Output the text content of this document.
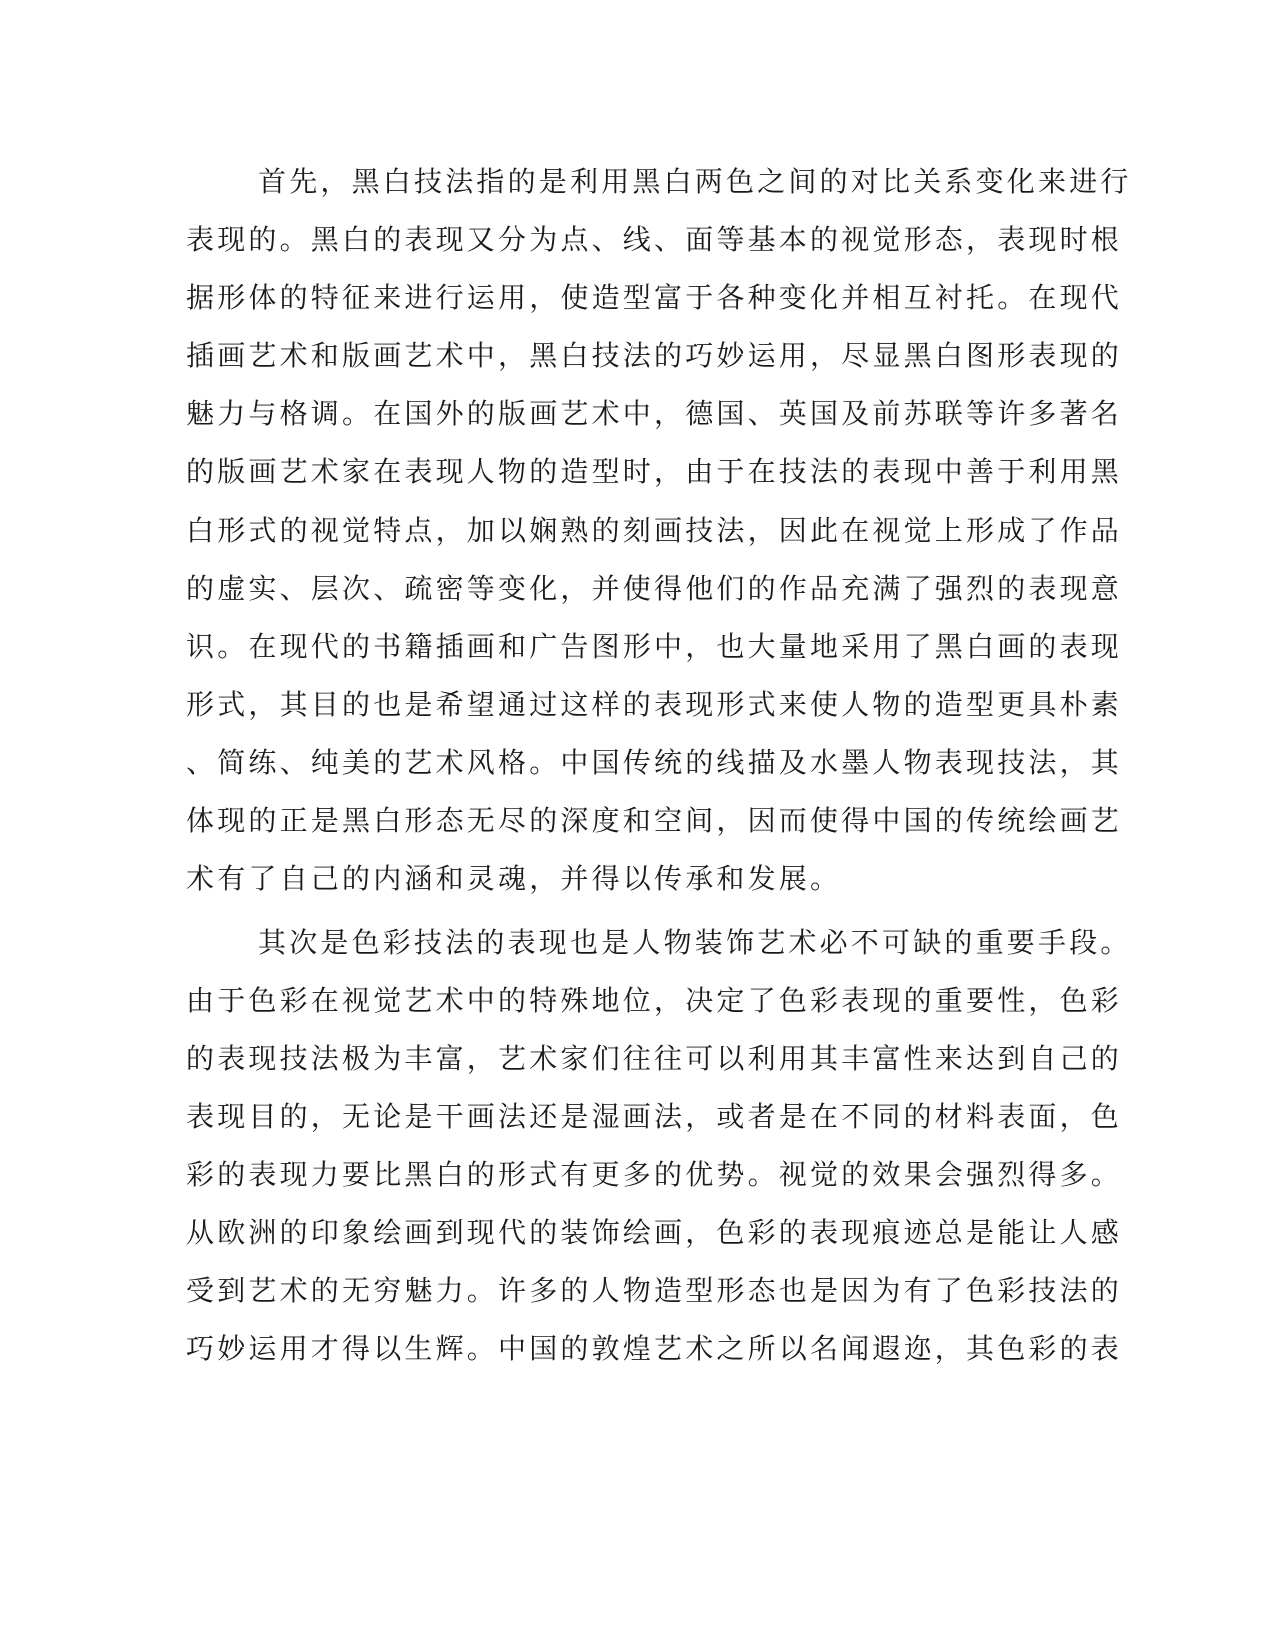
首先，黑白技法指的是利用黑白两色之间的对比关系变化来进行
表现的。黑白的表现又分为点、线、面等基本的视觉形态，表现时根
据形体的特征来进行运用，使造型富于各种变化并相互衬托。在现代
插画艺术和版画艺术中，黑白技法的巧妙运用，尽显黑白图形表现的
魅力与格调。在国外的版画艺术中，德国、英国及前苏联等许多著名
的版画艺术家在表现人物的造型时，由于在技法的表现中善于利用黑
白形式的视觉特点，加以娴熟的刻画技法，因此在视觉上形成了作品
的虚实、层次、疏密等变化，并使得他们的作品充满了强烈的表现意
识。在现代的书籍插画和广告图形中，也大量地采用了黑白画的表现
形式，其目的也是希望通过这样的表现形式来使人物的造型更具朴素
、简练、纯美的艺术风格。中国传统的线描及水墨人物表现技法，其
体现的正是黑白形态无尽的深度和空间，因而使得中国的传统绘画艺
术有了自己的内涵和灵魂，并得以传承和发展。
其次是色彩技法的表现也是人物装饰艺术必不可缺的重要手段。
由于色彩在视觉艺术中的特殊地位，决定了色彩表现的重要性，色彩
的表现技法极为丰富，艺术家们往往可以利用其丰富性来达到自己的
表现目的，无论是干画法还是湿画法，或者是在不同的材料表面，色
彩的表现力要比黑白的形式有更多的优势。视觉的效果会强烈得多。
从欧洲的印象绘画到现代的装饰绘画，色彩的表现痕迹总是能让人感
受到艺术的无穷魅力。许多的人物造型形态也是因为有了色彩技法的
巧妙运用才得以生辉。中国的敦煌艺术之所以名闻遐迩，其色彩的表
